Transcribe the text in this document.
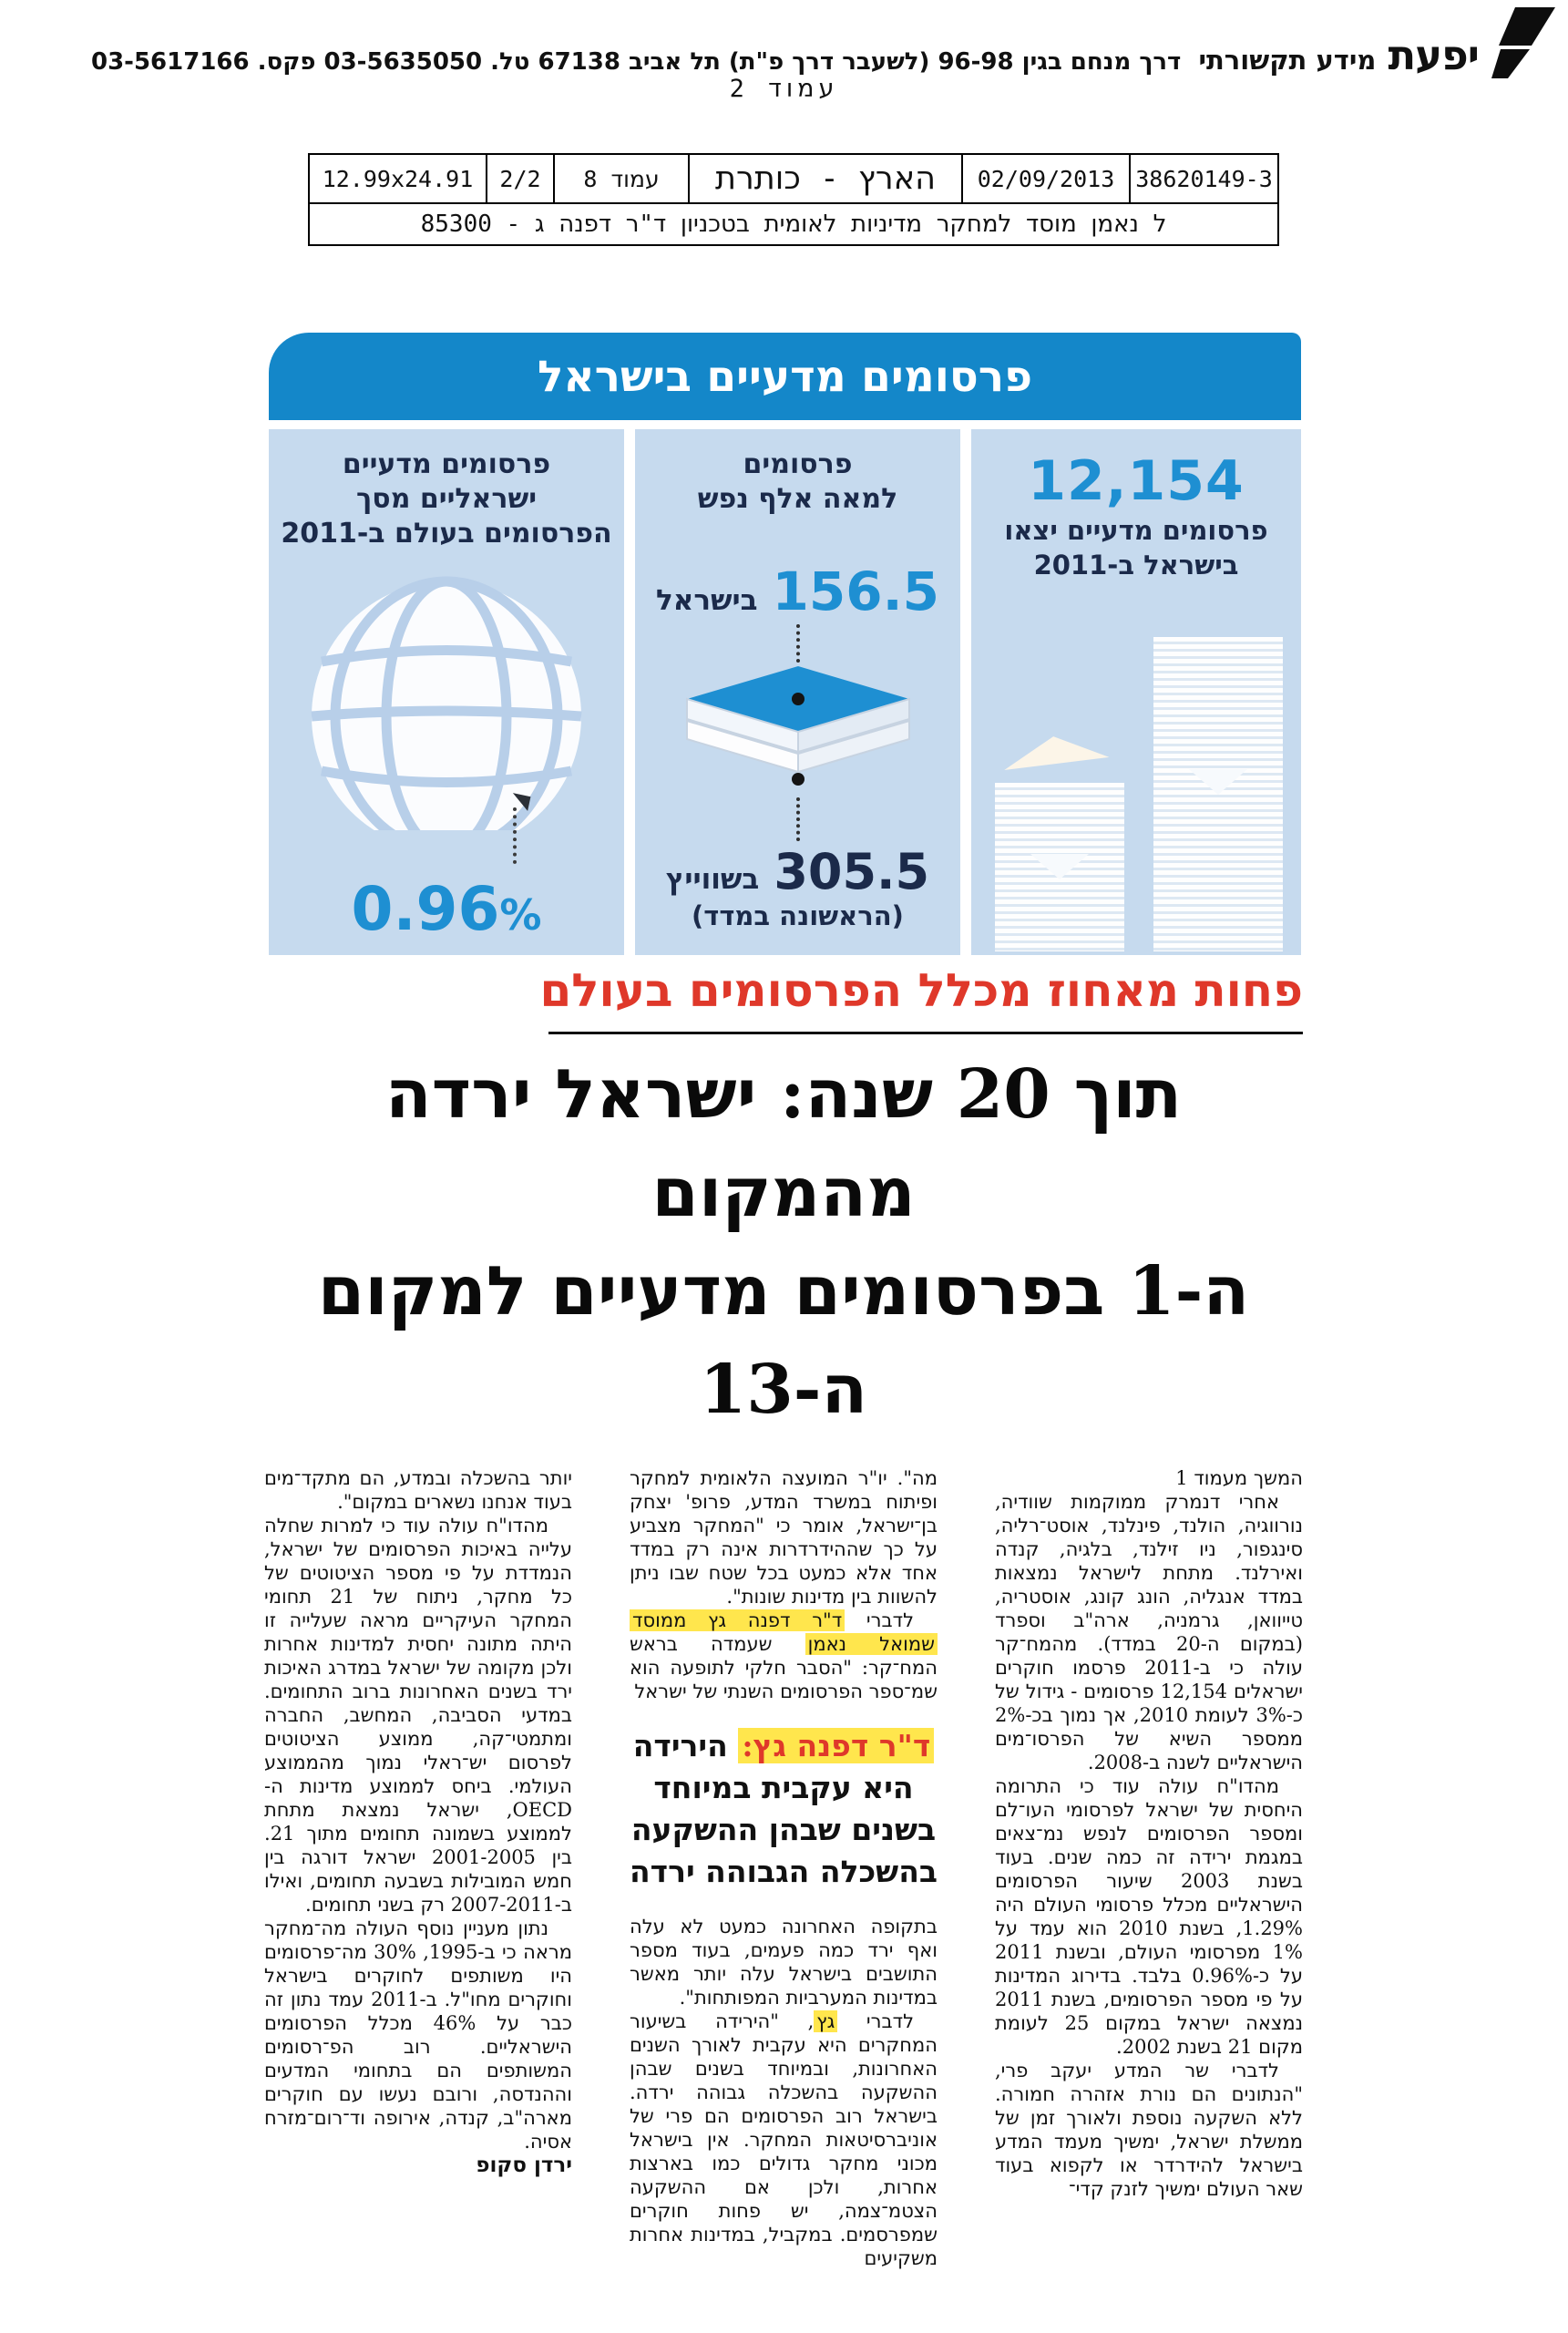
יפעת מידע תקשורתי דרך מנחם בגין 96-98 (לשעבר דרך פ"ת) תל אביב 67138 טל. 03-5635050 פקס. 03-5617166
עמוד 2
12.99x24.91	2/2	עמוד 8	הארץ - כותרת	02/09/2013 38620149-3
ל נאמן מוסד למחקר מדיניות לאומית בטכניון ד"ר דפנה ג - 85300
פרסומים מדעיים בישראל
פרסומים מדעיים
ישראליים מסך
הפרסומים בעולם ב-2011
0.96%
פרסומים
למאה אלף נפש
156.5
בישראל
305.5
בשווייץ
(הראשונה במדד)
12,154
פרסומים מדעיים יצאו
בישראל ב-2011
פחות מאחוז מכלל הפרסומים בעולם
תוך 20 שנה: ישראל ירדה מהמקום
ה-1 בפרסומים מדעיים למקום ה-13

המשך מעמוד 1

אחרי דנמרק ממוקמות שוודיה, נורווגיה, הולנד, פינלנד, אוסט־רליה, סינגפור, ניו זילנד, בלגיה, קנדה ואירלנד. מתחת לישראל נמצאות במדד אנגליה, הונג קונג, אוסטריה, טייוואן, גרמניה, ארה"ב וספרד (במקום ה-20 במדד). מהמח־קר עולה כי ב-2011 פרסמו חוקרים ישראלים 12,154 פרסומים - גידול של כ-3% לעומת 2010, אך נמוך בכ-2% ממספר השיא של הפרסו־מים הישראליים לשנה ב-2008.

מהדו"ח עולה עוד כי התרומה היחסית של ישראל לפרסומי העו־לם ומספר הפרסומים לנפש נמ־צאים במגמת ירידה זה כמה שנים. בעוד בשנת 2003 שיעור הפרסומים הישראליים מכלל פרסומי העולם היה 1.29%, בשנת 2010 הוא עמד על 1% מפרסומי העולם, ובשנת 2011 על כ-0.96% בלבד. בדירוג המדינות על פי מספר הפרסומים, בשנת 2011 נמצאה ישראל במקום 25 לעומת מקום 21 בשנת 2002.

לדברי שר המדע יעקב פרי, "הנתונים הם נורת אזהרה חמורה. ללא השקעה נוספת ולאורך זמן של ממשלת ישראל, ימשיך מעמד המדע בישראל להידרדר או לקפוא בעוד שאר העולם ימשיך לזנק קדי־

מה". יו"ר המועצה הלאומית למחקר ופיתוח במשרד המדע, פרופ' יצחק בן־ישראל, אומר כי "המחקר מצביע על כך שההידרדרות אינה רק במדד אחד אלא כמעט בכל שטח שבו ניתן להשוות בין מדינות שונות".

לדברי ד"ר דפנה גץ ממוסד שמואל נאמן שעמדה בראש המח־קר: "הסבר חלקי לתופעה הוא שמ־ספר הפרסומים השנתי של ישראל

ד"ר דפנה גץ: הירידה היא עקבית במיוחד בשנים שבהן ההשקעה בהשכלה הגבוהה ירדה

בתקופה האחרונה כמעט לא עלה ואף ירד כמה פעמים, בעוד מספר התושבים בישראל עלה יותר מאשר במדינות המערביות המפותחות".

לדברי גץ, "הירידה בשיעור המחקרים היא עקבית לאורך השנים האחרונות, ובמיוחד בשנים שבהן ההשקעה בהשכלה גבוהה ירדה. בישראל רוב הפרסומים הם פרי של אוניברסיטאות המחקר. אין בישראל מכוני מחקר גדולים כמו בארצות אחרות, ולכן אם ההשקעה הצטמ־צמה, יש פחות חוקרים שמפרסמים. במקביל, במדינות אחרות משקיעים

יותר בהשכלה ובמדע, הם מתקד־מים בעוד אנחנו נשארים במקום".

מהדו"ח עולה עוד כי למרות שחלה עלייה באיכות הפרסומים של ישראל, הנמדדת על פי מספר הציטוטים של כל מחקר, ניתוח של 21 תחומי המחקר העיקריים מראה שעלייה זו היתה מתונה יחסית למדינות אחרות ולכן מקומה של ישראל במדרג האיכות ירד בשנים האחרונות ברוב התחומים. במדעי הסביבה, המחשב, החברה ומתמטי־קה, ממוצע הציטוטים לפרסום יש־ראלי נמוך מהממוצע העולמי. ביחס לממוצע מדינות ה-OECD, ישראל נמצאת מתחת לממוצע בשמונה תחומים מתוך 21. בין 2001-2005 ישראל דורגה בין חמש המובילות בשבעה תחומים, ואילו ב-2007-2011 רק בשני תחומים.

נתון מעניין נוסף העולה מה־מחקר מראה כי ב-1995, 30% מה־פרסומים היו משותפים לחוקרים בישראל וחוקרים מחו"ל. ב-2011 עמד נתון זה כבר על 46% מכלל הפרסומים הישראליים. רוב הפ־רסומים המשותפים הם בתחומי המדעים וההנדסה, ורובם נעשו עם חוקרים מארה"ב, קנדה, אירופה וד־רום־מזרח אסיה.

ירדן סקופ
